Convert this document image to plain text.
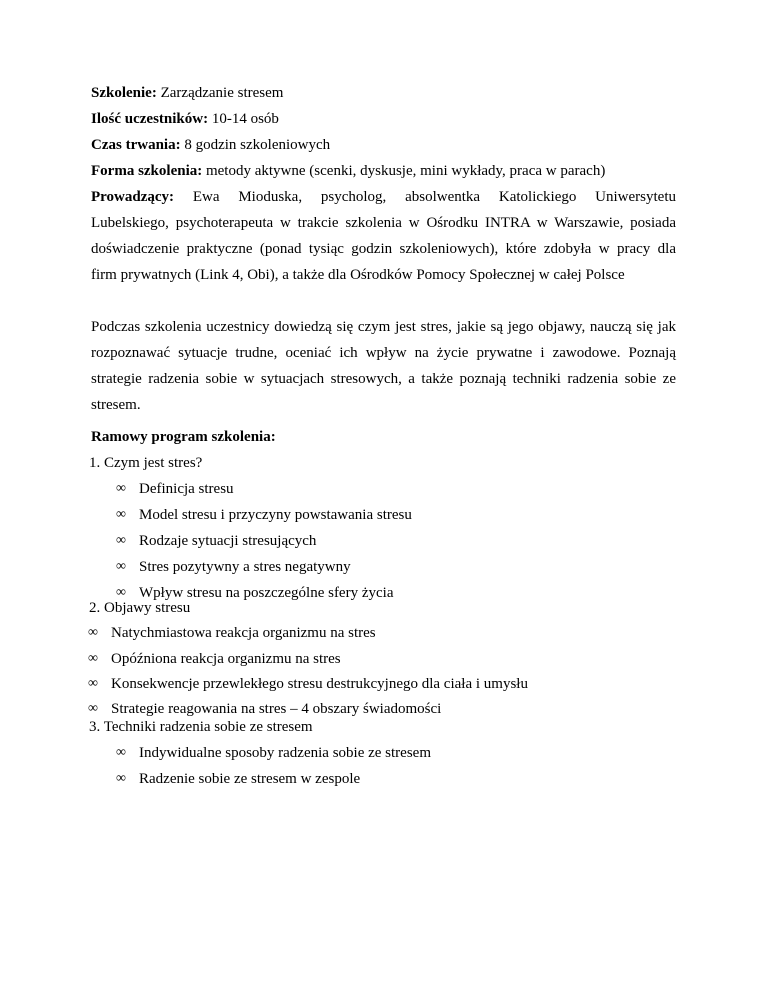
Szkolenie: Zarządzanie stresem
Ilość uczestników: 10-14 osób
Czas trwania: 8 godzin szkoleniowych
Forma szkolenia: metody aktywne (scenki, dyskusje, mini wykłady, praca w parach)
Prowadzący: Ewa Mioduska, psycholog, absolwentka Katolickiego Uniwersytetu
Lubelskiego, psychoterapeuta w trakcie szkolenia w Ośrodku INTRA w Warszawie, posiada
doświadczenie praktyczne (ponad tysiąc godzin szkoleniowych), które zdobyła w pracy dla
firm prywatnych (Link 4, Obi), a także dla Ośrodków Pomocy Społecznej w całej Polsce
Podczas szkolenia uczestnicy dowiedzą się czym jest stres, jakie są jego objawy, nauczą się jak
rozpoznawać sytuacje trudne, oceniać ich wpływ na życie prywatne i zawodowe. Poznają
strategie radzenia sobie w sytuacjach stresowych, a także poznają techniki radzenia sobie ze
stresem.
Ramowy program szkolenia:
1. Czym jest stres?
∞ Definicja stresu
∞ Model stresu i przyczyny powstawania stresu
∞ Rodzaje sytuacji stresujących
∞ Stres pozytywny a stres negatywny
∞ Wpływ stresu na poszczególne sfery życia
2. Objawy stresu
∞ Natychmiastowa reakcja organizmu na stres
∞ Opóźniona reakcja organizmu na stres
∞ Konsekwencje przewlekłego stresu destrukcyjnego dla ciała i umysłu
∞ Strategie reagowania na stres – 4 obszary świadomości
3. Techniki radzenia sobie ze stresem
∞ Indywidualne sposoby radzenia sobie ze stresem
∞ Radzenie sobie ze stresem w zespole
